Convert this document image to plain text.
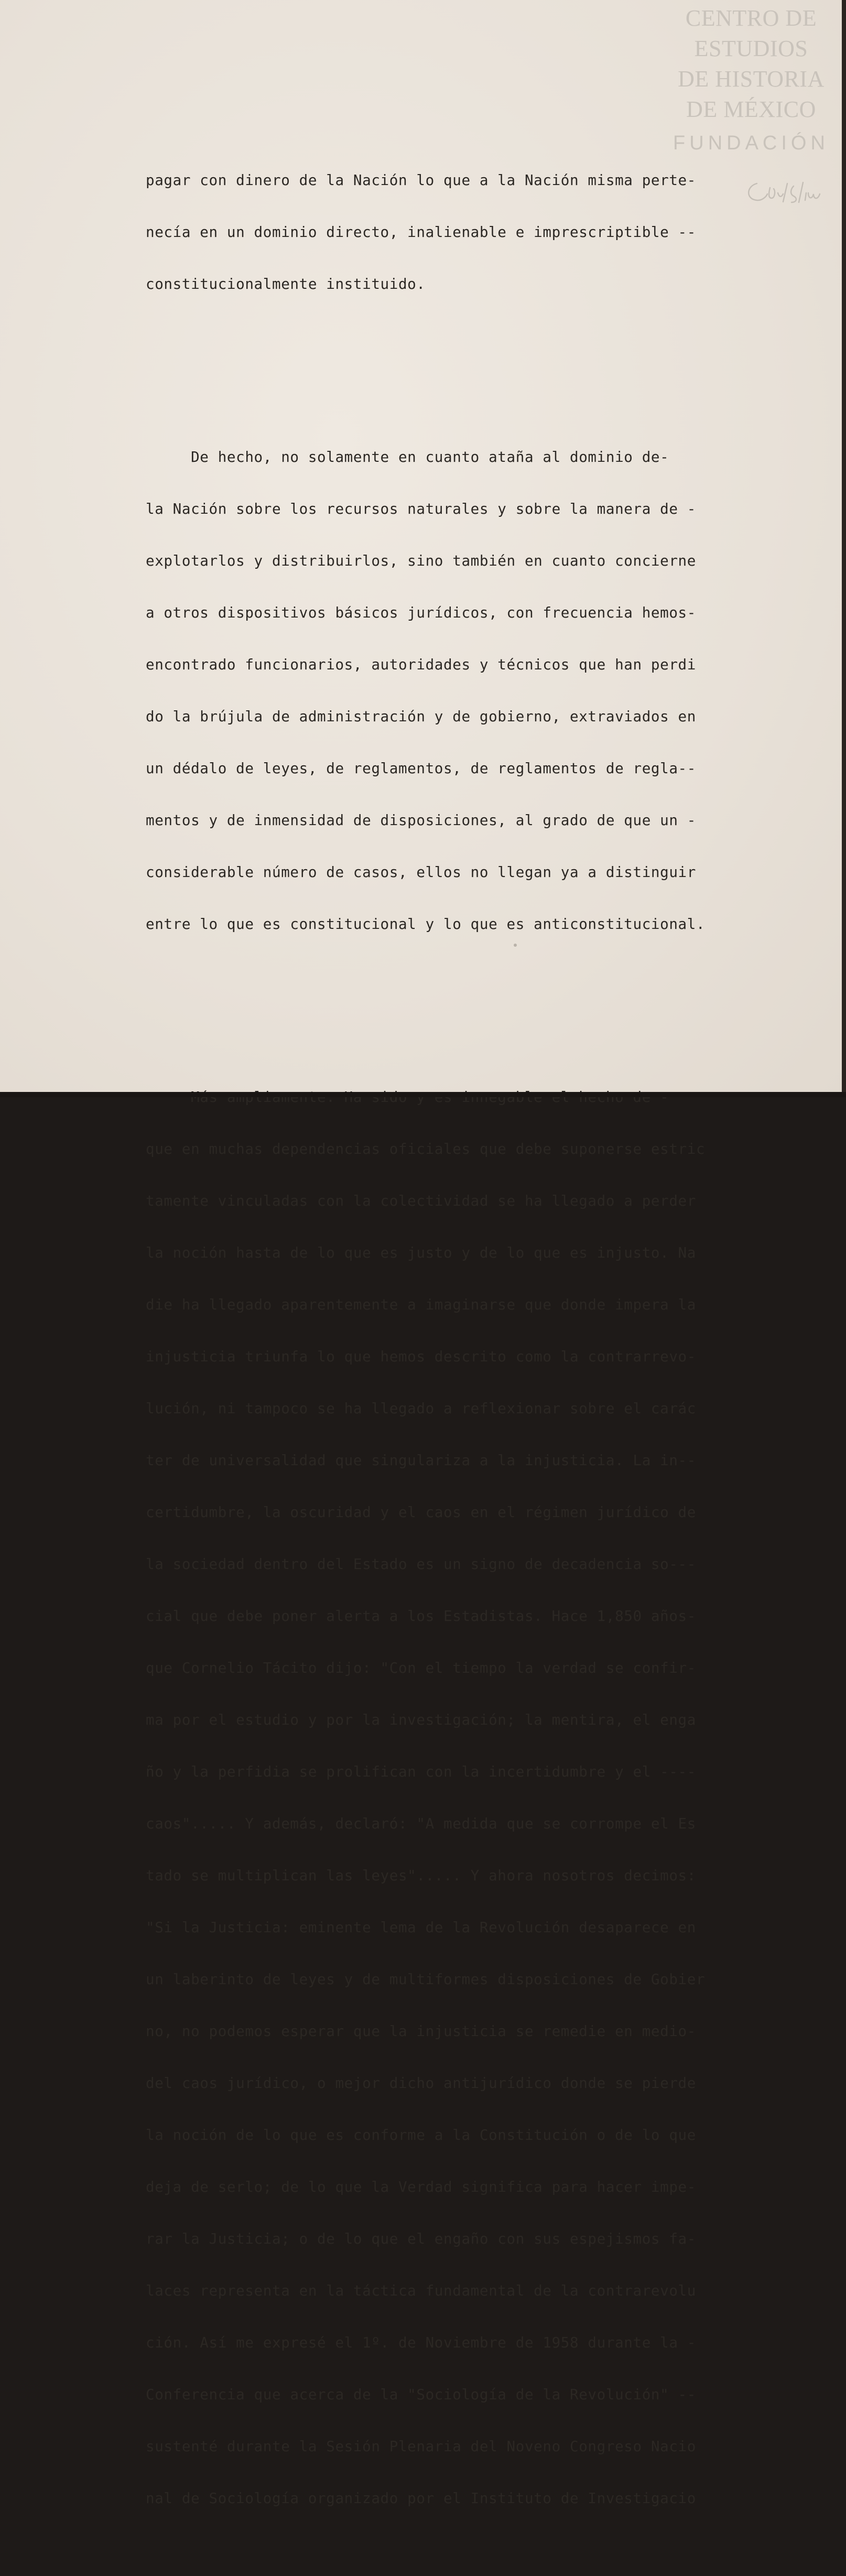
CENTRO DE
ESTUDIOS
DE HISTORIA
DE MÉXICO
FUNDACIÓN

pagar con dinero de la Nación lo que a la Nación misma perte-

necía en un dominio directo, inalienable e imprescriptible --

constitucionalmente instituido.

De hecho, no solamente en cuanto ataña al dominio de-

la Nación sobre los recursos naturales y sobre la manera de -

explotarlos y distribuirlos, sino también en cuanto concierne

a otros dispositivos básicos jurídicos, con frecuencia hemos-

encontrado funcionarios, autoridades y técnicos que han perdi

do la brújula de administración y de gobierno, extraviados en

un dédalo de leyes, de reglamentos, de reglamentos de regla--

mentos y de inmensidad de disposiciones, al grado de que un -

considerable número de casos, ellos no llegan ya a distinguir

entre lo que es constitucional y lo que es anticonstitucional.

que en muchas dependencias oficiales que debe suponerse estric

tamente vinculadas con la colectividad se ha llegado a perder

la noción hasta de lo que es justo y de lo que es injusto. Na

die ha llegado aparentemente a imaginarse que donde impera la

injusticia triunfa lo que hemos descrito como la contrarrevo-

lución, ni tampoco se ha llegado a reflexionar sobre el carác

ter de universalidad que singulariza a la injusticia. La in--

certidumbre, la oscuridad y el caos en el régimen jurídico de

la sociedad dentro del Estado es un signo de decadencia so---

cial que debe poner alerta a los Estadistas. Hace 1,850 años-

que Cornelio Tácito dijo: "Con el tiempo la verdad se confir-

ma por el estudio y por la investigación; la mentira, el enga

ño y la perfidia se prolifican con la incertidumbre y el ----

caos"..... Y además, declaró: "A medida que se corrompe el Es

tado se multiplican las leyes"..... Y ahora nosotros decimos:

"Si la Justicia: eminente lema de la Revolución desaparece en

un laberinto de leyes y de multiformes disposiciones de Gobier

no, no podemos esperar que la injusticia se remedie en medio-

del caos jurídico, o mejor dicho antijurídico donde se pierde

la noción de lo que es conforme a la Constitución o de lo que

deja de serlo; de lo que la Verdad significa para hacer impe-

rar la Justicia; o de lo que el engaño con sus espejismos fa-

laces representa en la táctica fundamental de la contrarevolu

ción. Así me expresé el 1º. de Noviembre de 1958 durante la -

Conferencia que acerca de la "Sociología de la Revolución" --

sustenté durante la Sesión Plenaria del Noveno Congreso Nacio

nal de Sociología organizado por el Instituto de Investigacio
